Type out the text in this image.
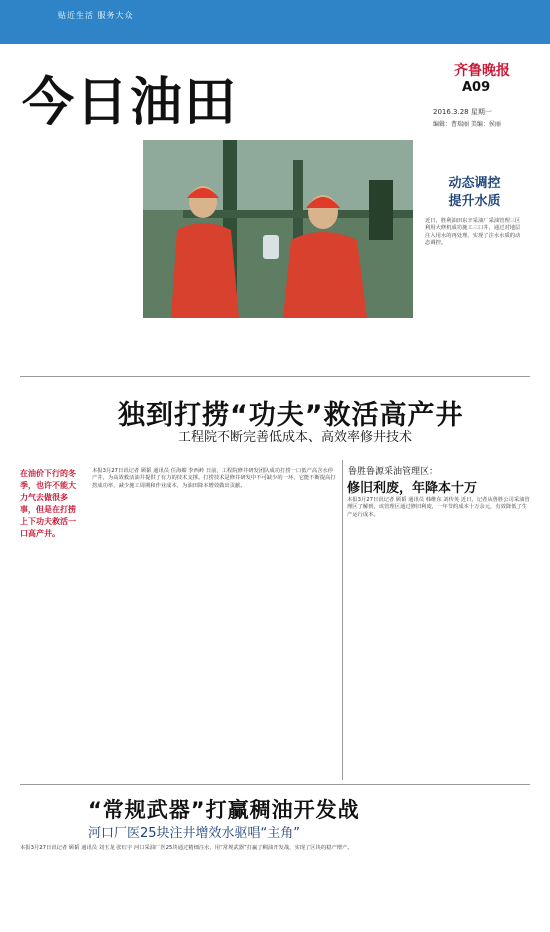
贴近生活 服务大众
今日油田
齐鲁晚报
A09
2016.3.28 星期一
编辑：曹瑞丽 美编：侯丽
动态调控
提升水质
近日，胜利油田东辛采油厂采油管理三区利用大修机成功施工三口井，通过对地层注入用水的再处理，实现了注水水质的动态调控。
独到打捞“功夫”救活高产井
工程院不断完善低成本、高效率修井技术
在油价下行的冬季，也许不能大力气去做很多事，但是在打捞上下功夫救活一口高产井。
本报3月27日讯记者 顾韬 通讯员 任海媚 李西岭 日前，工程院修井研发团队成功打捞一口低产高含水停产井，为高效救活油井提供了有力的技术支撑。打捞技术是修井研发中不可缺少的一环，它能不断提高打捞成功率，减少施工周期和作业成本，为油田降本增效做出贡献。
鲁胜鲁源采油管理区：
修旧利废，年降本十万
本报3月27日讯记者 顾韬 通讯员 韩维东 刘传英 近日，记者从鲁胜公司采油管理区了解到，该管理区通过修旧利废，一年节约成本十万余元，有效降低了生产运行成本。
“常规武器”打赢稠油开发战
河口厂医25块注井增效水驱唱“主角”
本报3月27日讯记者 顾韬 通讯员 刘玉龙 张红宇 河口采油厂医25块通过精细注水，用“常规武器”打赢了稠油开发战，实现了区块的稳产增产。
